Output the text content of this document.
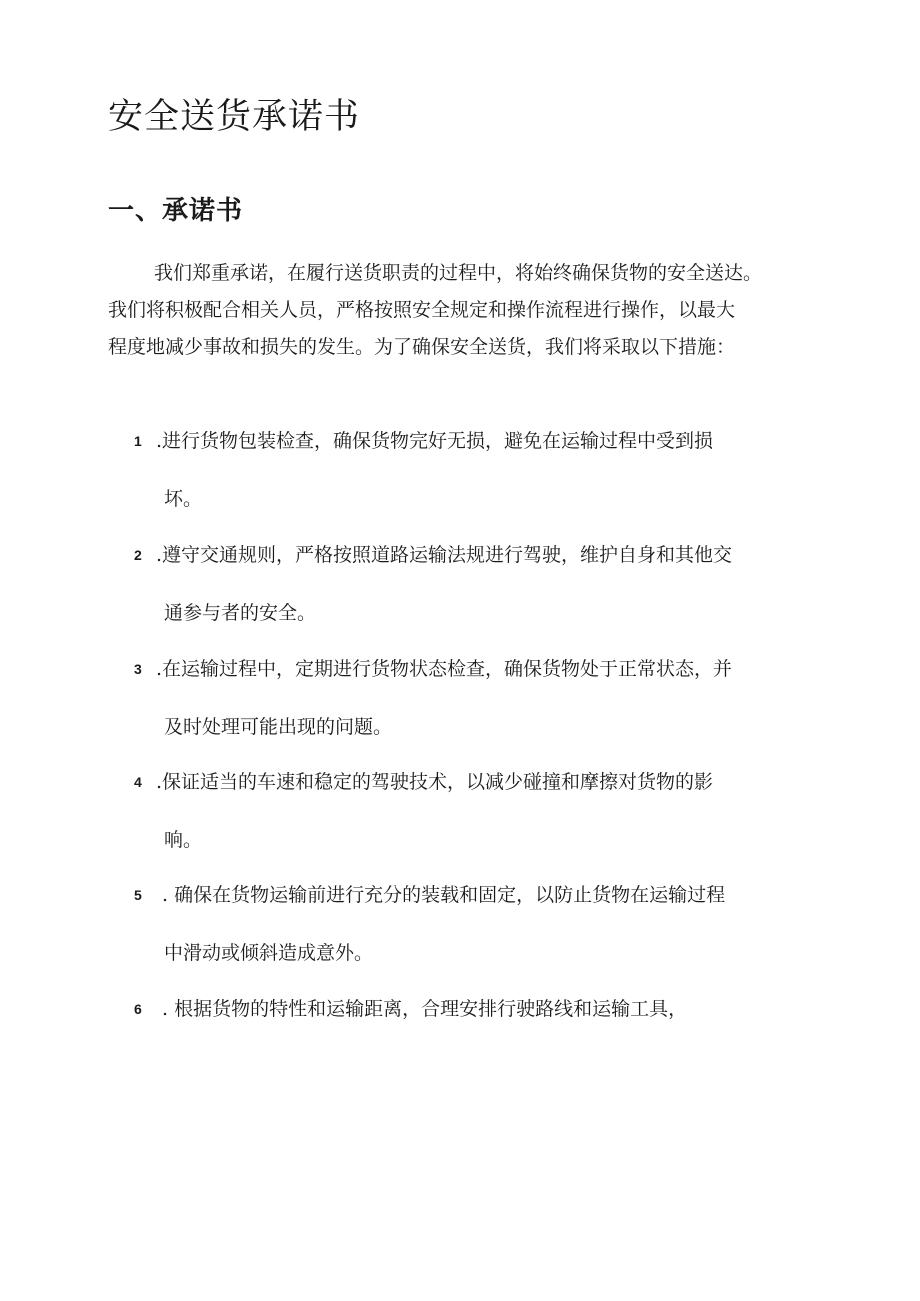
安全送货承诺书
一、承诺书
我们郑重承诺，在履行送货职责的过程中，将始终确保货物的安全送达。
我们将积极配合相关人员，严格按照安全规定和操作流程进行操作，以最大
程度地减少事故和损失的发生。为了确保安全送货，我们将采取以下措施：
1 .进行货物包装检查，确保货物完好无损，避免在运输过程中受到损
坏。
2 .遵守交通规则，严格按照道路运输法规进行驾驶，维护自身和其他交
通参与者的安全。
3 .在运输过程中，定期进行货物状态检查，确保货物处于正常状态，并
及时处理可能出现的问题。
4 .保证适当的车速和稳定的驾驶技术，以减少碰撞和摩擦对货物的影
响。
5	. 确保在货物运输前进行充分的装载和固定，以防止货物在运输过程
中滑动或倾斜造成意外。
6	. 根据货物的特性和运输距离，合理安排行驶路线和运输工具，
